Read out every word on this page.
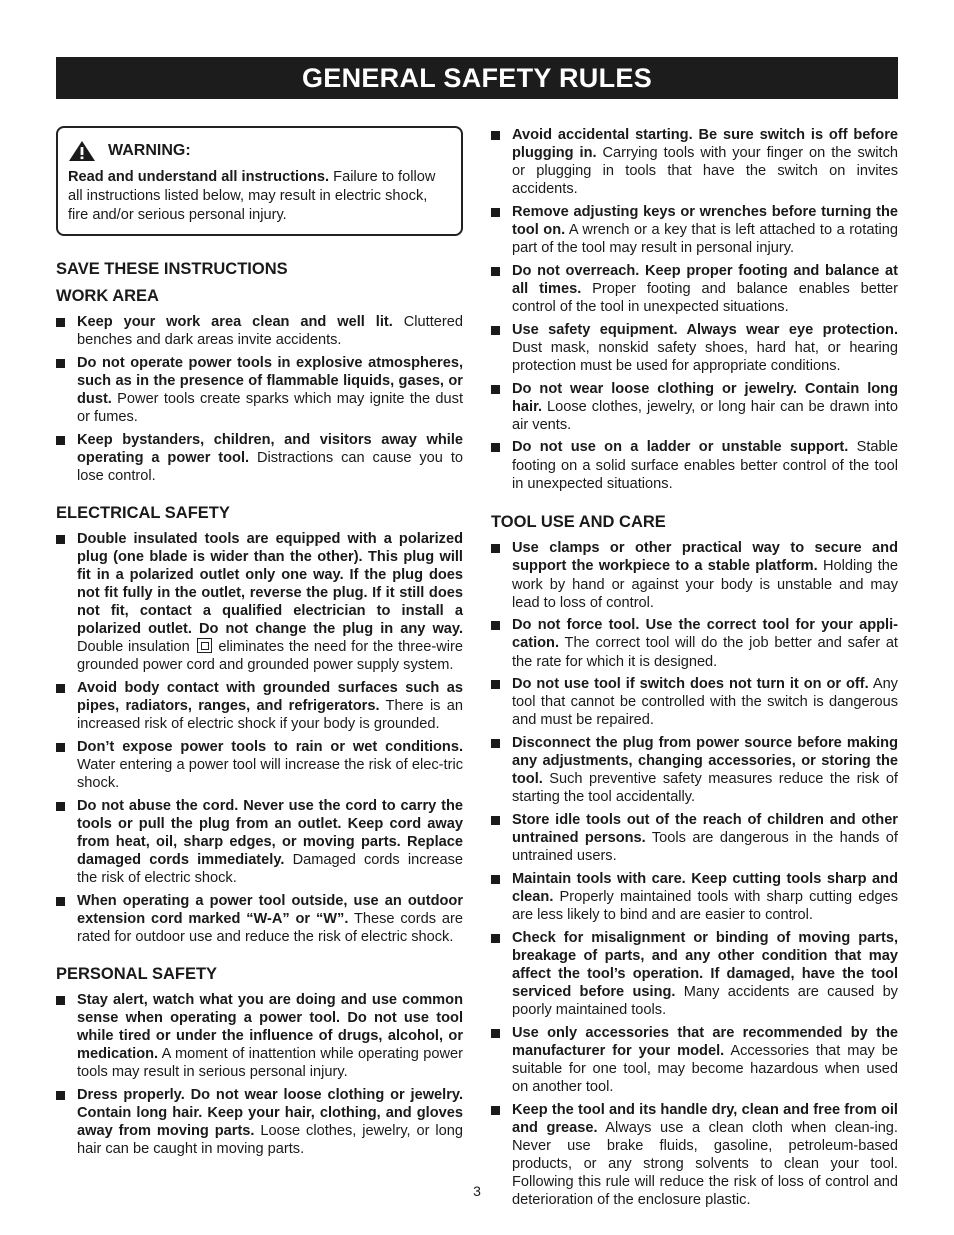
GENERAL SAFETY RULES
WARNING:
Read and understand all instructions. Failure to follow all instructions listed below, may result in electric shock, fire and/or serious personal injury.
SAVE THESE INSTRUCTIONS
WORK AREA
Keep your work area clean and well lit. Cluttered benches and dark areas invite accidents.
Do not operate power tools in explosive atmospheres, such as in the presence of flammable liquids, gases, or dust. Power tools create sparks which may ignite the dust or fumes.
Keep bystanders, children, and visitors away while operating a power tool. Distractions can cause you to lose control.
ELECTRICAL SAFETY
Double insulated tools are equipped with a polarized plug (one blade is wider than the other). This plug will fit in a polarized outlet only one way. If the plug does not fit fully in the outlet, reverse the plug. If it still does not fit, contact a qualified electrician to install a polarized outlet. Do not change the plug in any way. Double insulation  eliminates the need for the three-wire grounded power cord and grounded power supply system.
Avoid body contact with grounded surfaces such as pipes, radiators, ranges, and refrigerators. There is an increased risk of electric shock if your body is grounded.
Don’t expose power tools to rain or wet conditions. Water entering a power tool will increase the risk of elec-tric shock.
Do not abuse the cord. Never use the cord to carry the tools or pull the plug from an outlet. Keep cord away from heat, oil, sharp edges, or moving parts. Replace damaged cords immediately. Damaged cords increase the risk of electric shock.
When operating a power tool outside, use an outdoor extension cord marked “W-A” or “W”. These cords are rated for outdoor use and reduce the risk of electric shock.
PERSONAL SAFETY
Stay alert, watch what you are doing and use common sense when operating a power tool. Do not use tool while tired or under the influence of drugs, alcohol, or medication. A moment of inattention while operating power tools may result in serious personal injury.
Dress properly. Do not wear loose clothing or jewelry. Contain long hair. Keep your hair, clothing, and gloves away from moving parts. Loose clothes, jewelry, or long hair can be caught in moving parts.
Avoid accidental starting. Be sure switch is off before plugging in. Carrying tools with your finger on the switch or plugging in tools that have the switch on invites accidents.
Remove adjusting keys or wrenches before turning the tool on. A wrench or a key that is left attached to a rotating part of the tool may result in personal injury.
Do not overreach. Keep proper footing and balance at all times. Proper footing and balance enables better control of the tool in unexpected situations.
Use safety equipment. Always wear eye protection. Dust mask, nonskid safety shoes, hard hat, or hearing protection must be used for appropriate conditions.
Do not wear loose clothing or jewelry. Contain long hair. Loose clothes, jewelry, or long hair can be drawn into air vents.
Do not use on a ladder or unstable support. Stable footing on a solid surface enables better control of the tool in unexpected situations.
TOOL USE AND CARE
Use clamps or other practical way to secure and support the workpiece to a stable platform. Holding the work by hand or against your body is unstable and may lead to loss of control.
Do not force tool. Use the correct tool for your appli-cation. The correct tool will do the job better and safer at the rate for which it is designed.
Do not use tool if switch does not turn it on or off. Any tool that cannot be controlled with the switch is dangerous and must be repaired.
Disconnect the plug from power source before making any adjustments, changing accessories, or storing the tool. Such preventive safety measures reduce the risk of starting the tool accidentally.
Store idle tools out of the reach of children and other untrained persons. Tools are dangerous in the hands of untrained users.
Maintain tools with care. Keep cutting tools sharp and clean. Properly maintained tools with sharp cutting edges are less likely to bind and are easier to control.
Check for misalignment or binding of moving parts, breakage of parts, and any other condition that may affect the tool’s operation. If damaged, have the tool serviced before using. Many accidents are caused by poorly maintained tools.
Use only accessories that are recommended by the manufacturer for your model. Accessories that may be suitable for one tool, may become hazardous when used on another tool.
Keep the tool and its handle dry, clean and free from oil and grease. Always use a clean cloth when clean-ing. Never use brake fluids, gasoline, petroleum-based products, or any strong solvents to clean your tool. Following this rule will reduce the risk of loss of control and deterioration of the enclosure plastic.
3
